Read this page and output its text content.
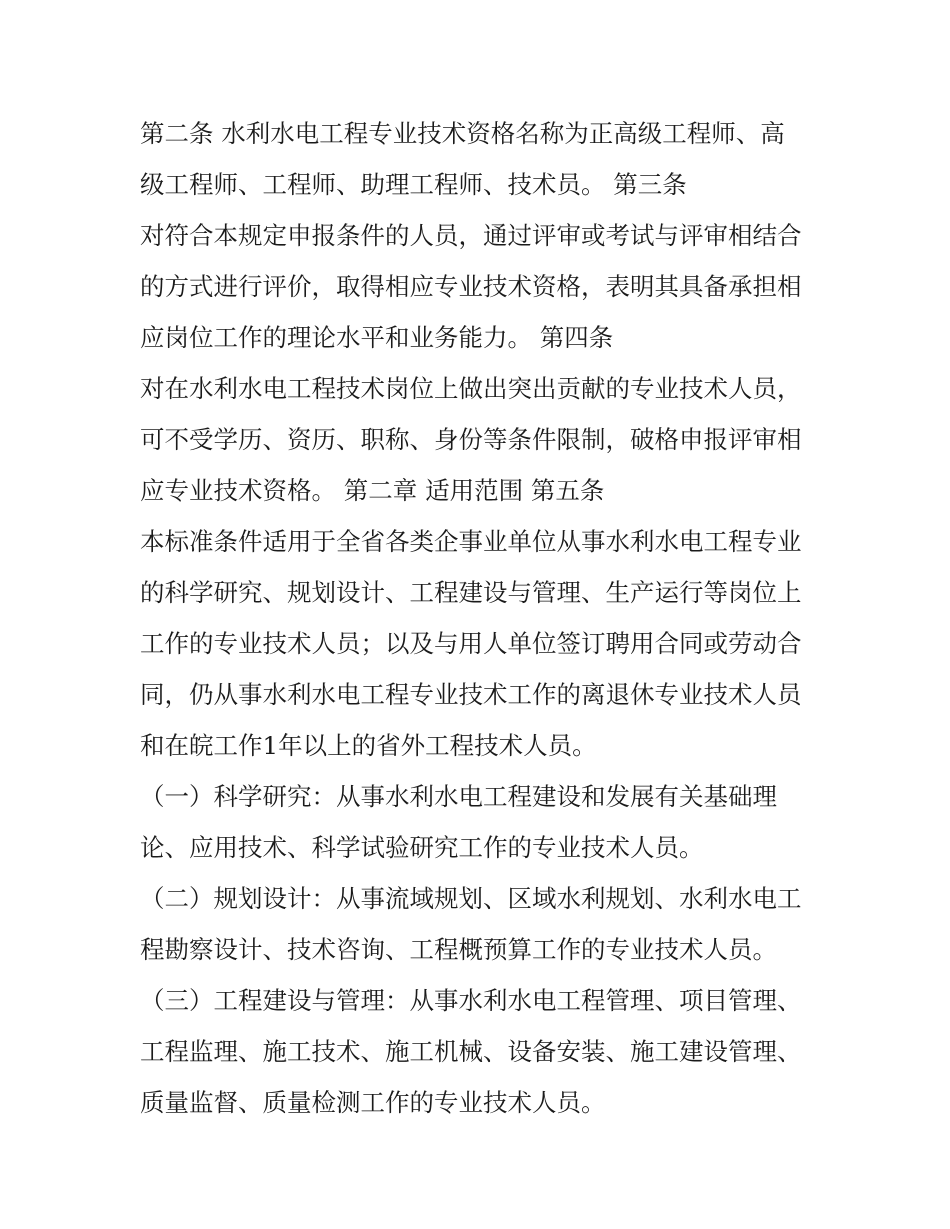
第二条 水利水电工程专业技术资格名称为正高级工程师、高
级工程师、工程师、助理工程师、技术员。 第三条
对符合本规定申报条件的人员，通过评审或考试与评审相结合
的方式进行评价，取得相应专业技术资格，表明其具备承担相
应岗位工作的理论水平和业务能力。 第四条
对在水利水电工程技术岗位上做出突出贡献的专业技术人员，
可不受学历、资历、职称、身份等条件限制，破格申报评审相
应专业技术资格。 第二章 适用范围 第五条
本标准条件适用于全省各类企事业单位从事水利水电工程专业
的科学研究、规划设计、工程建设与管理、生产运行等岗位上
工作的专业技术人员；以及与用人单位签订聘用合同或劳动合
同，仍从事水利水电工程专业技术工作的离退休专业技术人员
和在皖工作1年以上的省外工程技术人员。
（一）科学研究：从事水利水电工程建设和发展有关基础理
论、应用技术、科学试验研究工作的专业技术人员。
（二）规划设计：从事流域规划、区域水利规划、水利水电工
程勘察设计、技术咨询、工程概预算工作的专业技术人员。
（三）工程建设与管理：从事水利水电工程管理、项目管理、
工程监理、施工技术、施工机械、设备安装、施工建设管理、
质量监督、质量检测工作的专业技术人员。
